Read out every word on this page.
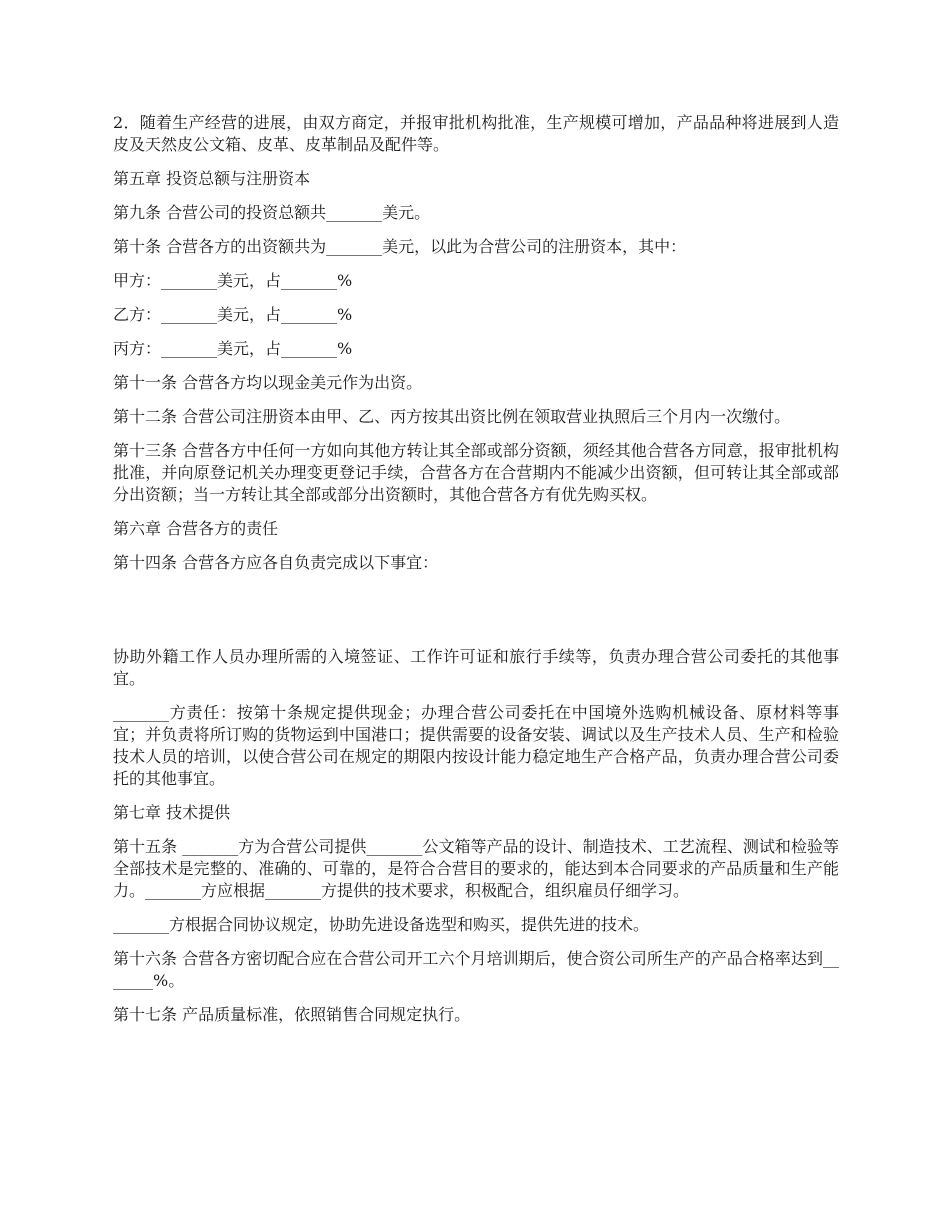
2．随着生产经营的进展，由双方商定，并报审批机构批准，生产规模可增加，产品品种将进展到人造皮及天然皮公文箱、皮革、皮革制品及配件等。

第五章 投资总额与注册资本

第九条 合营公司的投资总额共_______美元。

第十条 合营各方的出资额共为_______美元，以此为合营公司的注册资本，其中：

甲方：_______美元，占_______%

乙方：_______美元，占_______%

丙方：_______美元，占_______%

第十一条 合营各方均以现金美元作为出资。

第十二条 合营公司注册资本由甲、乙、丙方按其出资比例在领取营业执照后三个月内一次缴付。

第十三条 合营各方中任何一方如向其他方转让其全部或部分资额，须经其他合营各方同意，报审批机构批准，并向原登记机关办理变更登记手续，合营各方在合营期内不能减少出资额，但可转让其全部或部分出资额；当一方转让其全部或部分出资额时，其他合营各方有优先购买权。

第六章 合营各方的责任

第十四条 合营各方应各自负责完成以下事宜：

协助外籍工作人员办理所需的入境签证、工作许可证和旅行手续等，负责办理合营公司委托的其他事宜。

_______方责任：按第十条规定提供现金；办理合营公司委托在中国境外选购机械设备、原材料等事宜；并负责将所订购的货物运到中国港口；提供需要的设备安装、调试以及生产技术人员、生产和检验技术人员的培训，以使合营公司在规定的期限内按设计能力稳定地生产合格产品，负责办理合营公司委托的其他事宜。

第七章 技术提供

第十五条 _______方为合营公司提供_______公文箱等产品的设计、制造技术、工艺流程、测试和检验等全部技术是完整的、准确的、可靠的，是符合合营目的要求的，能达到本合同要求的产品质量和生产能力。_______方应根据_______方提供的技术要求，积极配合，组织雇员仔细学习。

_______方根据合同协议规定，协助先进设备选型和购买，提供先进的技术。

第十六条 合营各方密切配合应在合营公司开工六个月培训期后，使合资公司所生产的产品合格率达到_______%。

第十七条 产品质量标准，依照销售合同规定执行。
